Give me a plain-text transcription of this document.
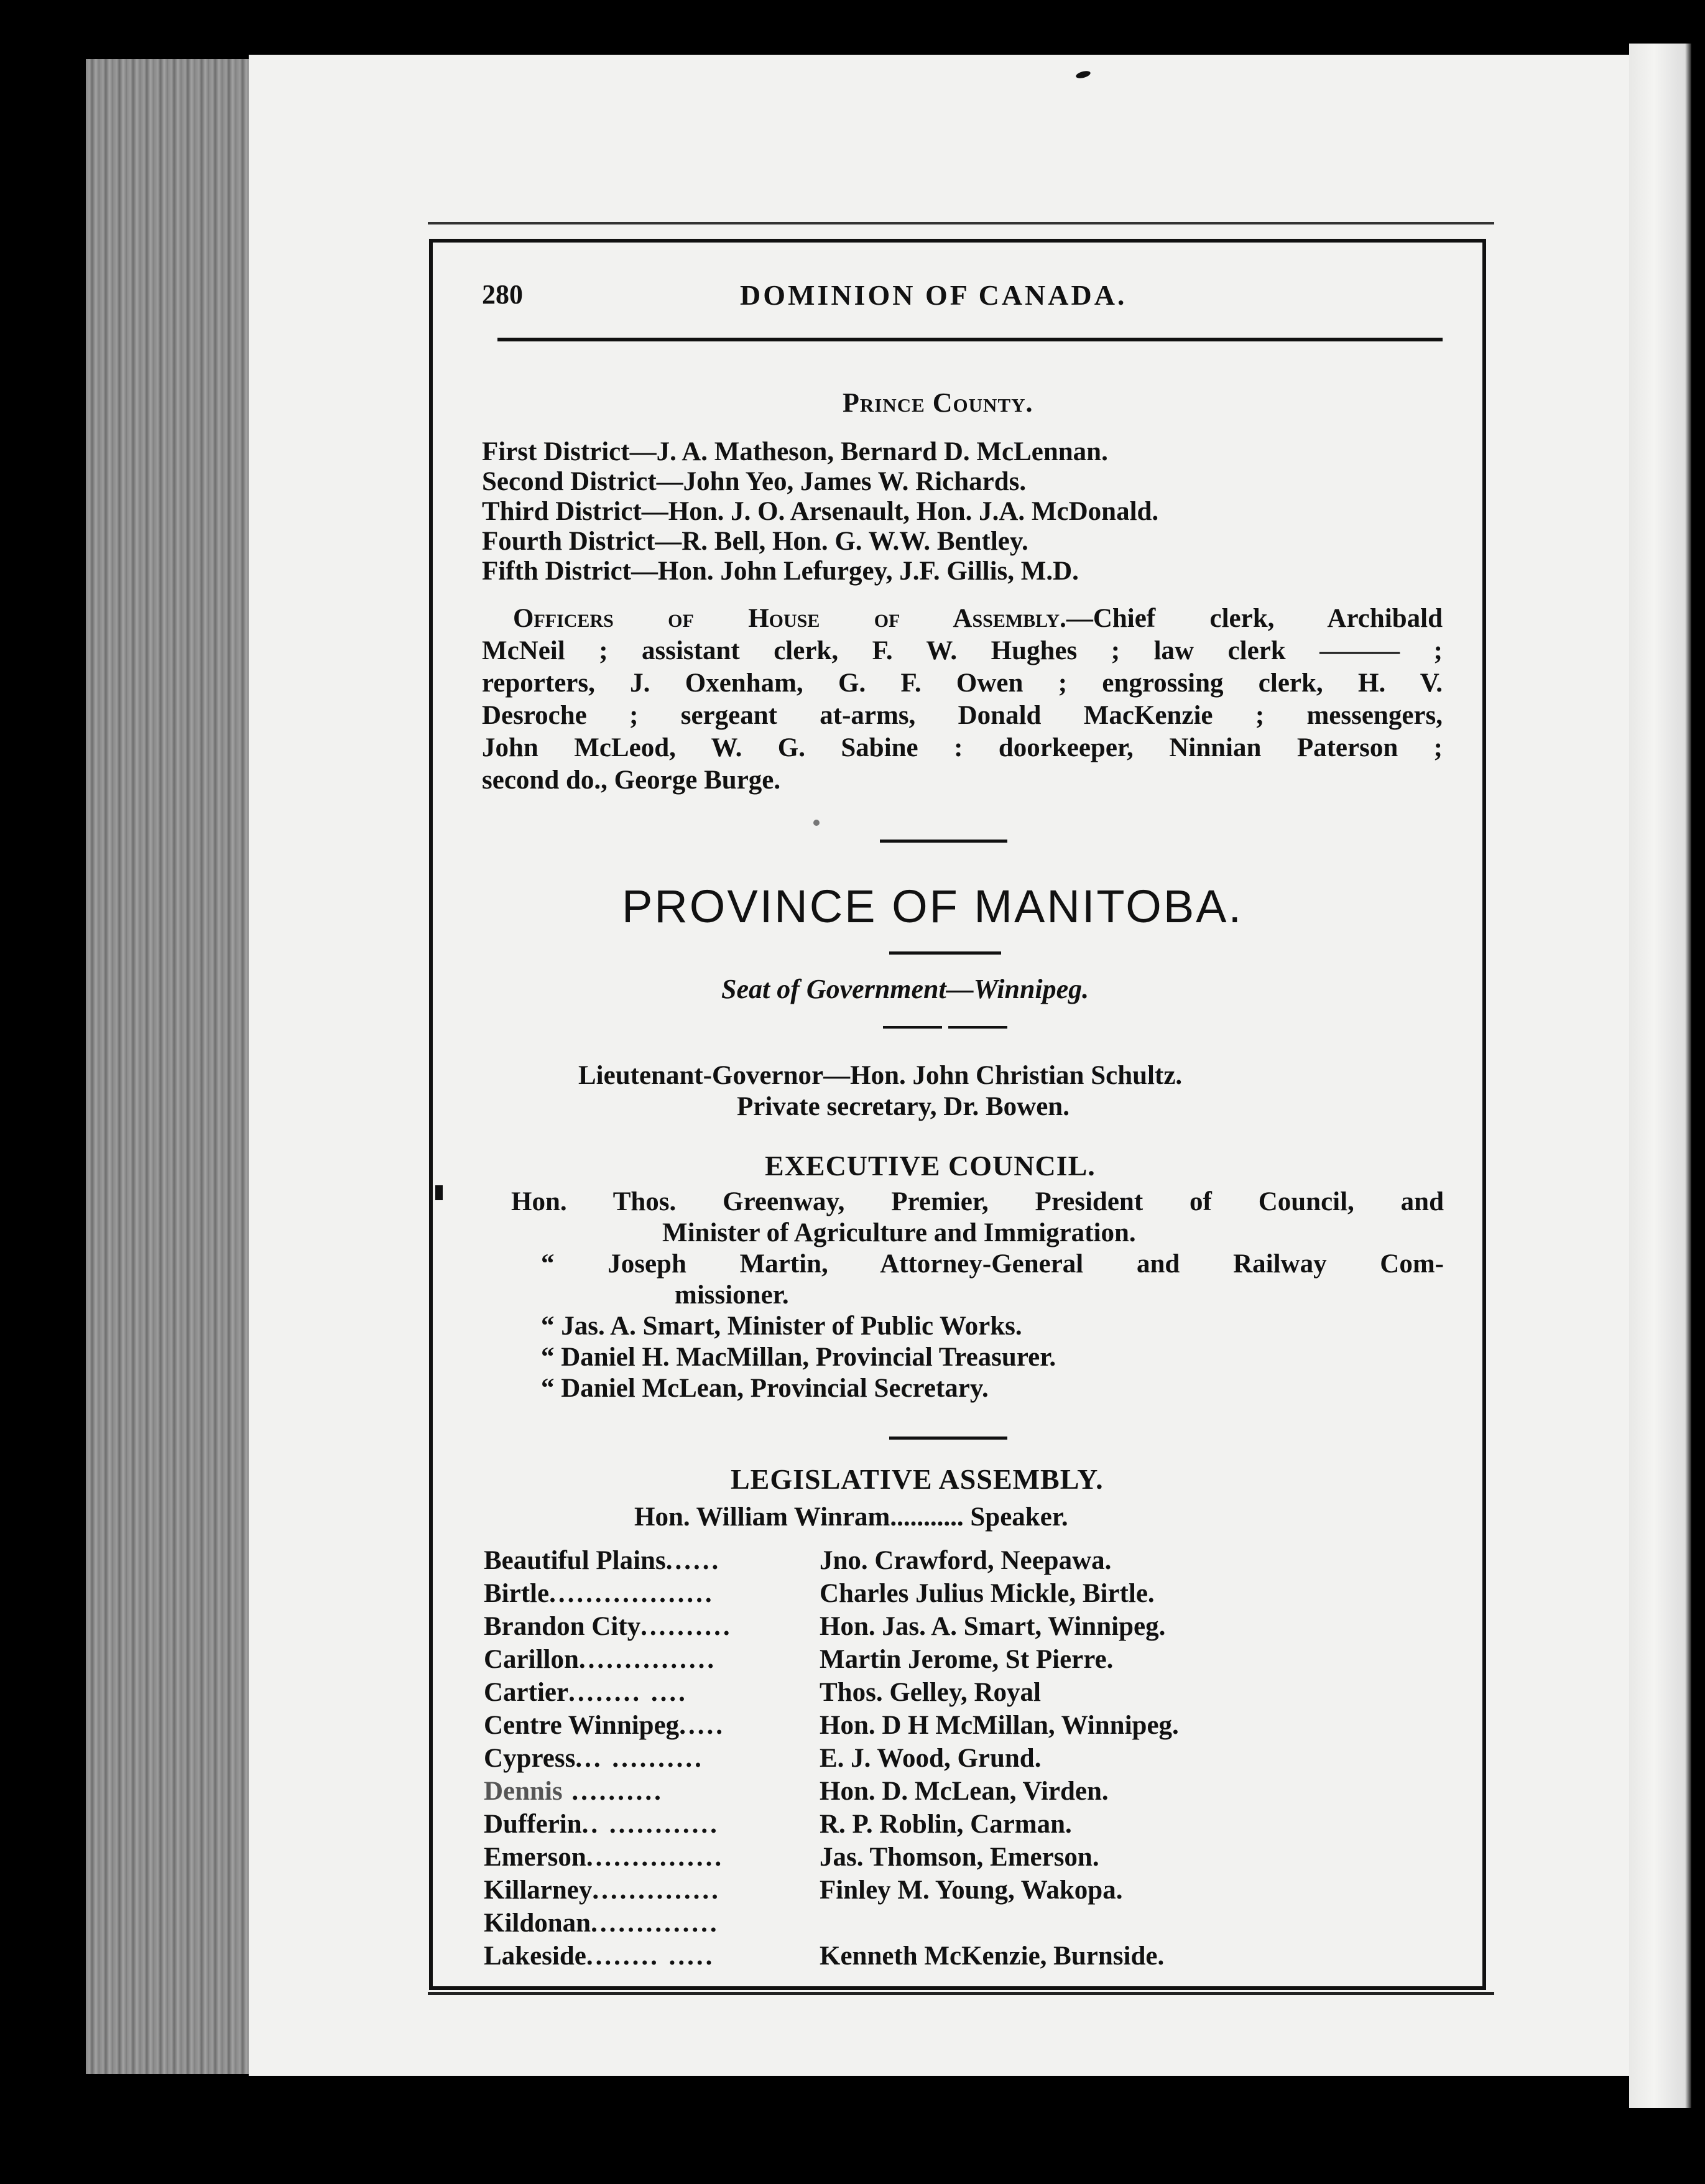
280	DOMINION OF CANADA.
Prince County.
First District—J. A. Matheson, Bernard D. McLennan.
Second District—John Yeo, James W. Richards.
Third District—Hon. J. O. Arsenault, Hon. J.A. McDonald.
Fourth District—R. Bell, Hon. G. W.W. Bentley.
Fifth District—Hon. John Lefurgey, J.F. Gillis, M.D.
Officers of House of Assembly.—Chief clerk, Archibald
McNeil ; assistant clerk, F. W. Hughes ; law clerk ——— ;
reporters, J. Oxenham, G. F. Owen ; engrossing clerk, H. V.
Desroche ; sergeant at-arms, Donald MacKenzie ; messengers,
John McLeod, W. G. Sabine : doorkeeper, Ninnian Paterson ;
second do., George Burge.
PROVINCE OF MANITOBA.
Seat of Government—Winnipeg.
Lieutenant-Governor—Hon. John Christian Schultz.
Private secretary, Dr. Bowen.
EXECUTIVE COUNCIL.
Hon. Thos. Greenway, Premier, President of Council, and
Minister of Agriculture and Immigration.
“ Joseph Martin, Attorney-General and Railway Com-
missioner.
“ Jas. A. Smart, Minister of Public Works.
“ Daniel H. MacMillan, Provincial Treasurer.
“ Daniel McLean, Provincial Secretary.
LEGISLATIVE ASSEMBLY.
Hon. William Winram........... Speaker.
Beautiful Plains......	Jno. Crawford, Neepawa.
Birtle..................	Charles Julius Mickle, Birtle.
Brandon City..........	Hon. Jas. A. Smart, Winnipeg.
Carillon...............	Martin Jerome, St Pierre.
Cartier........ ....	Thos. Gelley, Royal
Centre Winnipeg.....	Hon. D H McMillan, Winnipeg.
Cypress... ..........	E. J. Wood, Grund.
Dennis ..........	Hon. D. McLean, Virden.
Dufferin.. ............	R. P. Roblin, Carman.
Emerson...............	Jas. Thomson, Emerson.
Killarney..............	Finley M. Young, Wakopa.
Kildonan..............
Lakeside........ .....	Kenneth McKenzie, Burnside.
